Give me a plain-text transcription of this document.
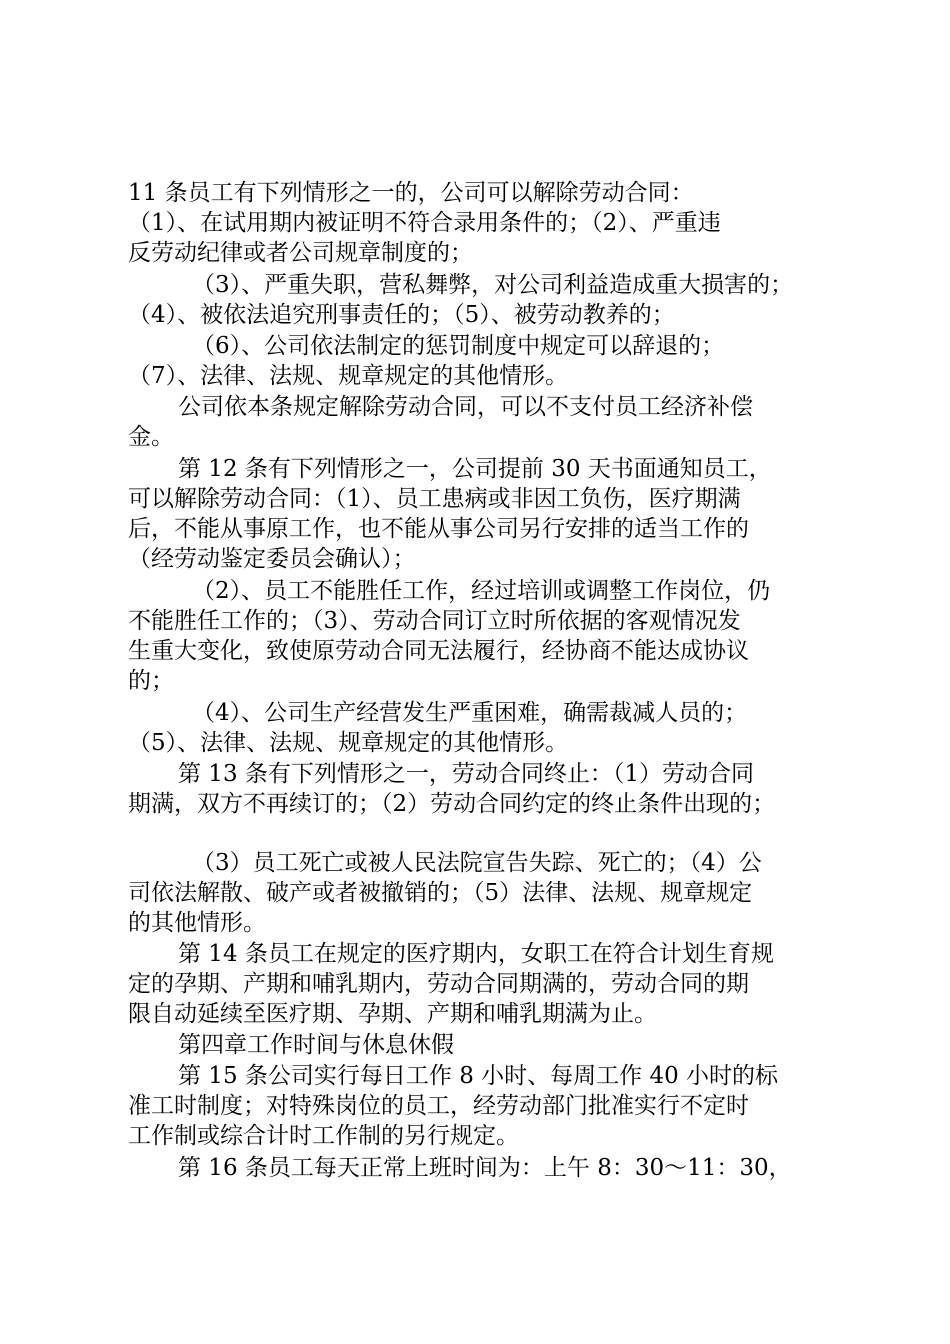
11 条员工有下列情形之一的，公司可以解除劳动合同：
（1）、在试用期内被证明不符合录用条件的；（2）、严重违
反劳动纪律或者公司规章制度的；
（3）、严重失职，营私舞弊，对公司利益造成重大损害的；
（4）、被依法追究刑事责任的；（5）、被劳动教养的；
（6）、公司依法制定的惩罚制度中规定可以辞退的；
（7）、法律、法规、规章规定的其他情形。
公司依本条规定解除劳动合同，可以不支付员工经济补偿
金。
第 12 条有下列情形之一，公司提前 30 天书面通知员工，
可以解除劳动合同：（1）、员工患病或非因工负伤，医疗期满
后，不能从事原工作，也不能从事公司另行安排的适当工作的
（经劳动鉴定委员会确认）；
（2）、员工不能胜任工作，经过培训或调整工作岗位，仍
不能胜任工作的；（3）、劳动合同订立时所依据的客观情况发
生重大变化，致使原劳动合同无法履行，经协商不能达成协议
的；
（4）、公司生产经营发生严重困难，确需裁减人员的；
（5）、法律、法规、规章规定的其他情形。
第 13 条有下列情形之一，劳动合同终止：（1）劳动合同
期满，双方不再续订的；（2）劳动合同约定的终止条件出现的；
（3）员工死亡或被人民法院宣告失踪、死亡的；（4）公
司依法解散、破产或者被撤销的；（5）法律、法规、规章规定
的其他情形。
第 14 条员工在规定的医疗期内，女职工在符合计划生育规
定的孕期、产期和哺乳期内，劳动合同期满的，劳动合同的期
限自动延续至医疗期、孕期、产期和哺乳期满为止。
第四章工作时间与休息休假
第 15 条公司实行每日工作 8 小时、每周工作 40 小时的标
准工时制度；对特殊岗位的员工，经劳动部门批准实行不定时
工作制或综合计时工作制的另行规定。
第 16 条员工每天正常上班时间为：上午 8：30～11：30，
